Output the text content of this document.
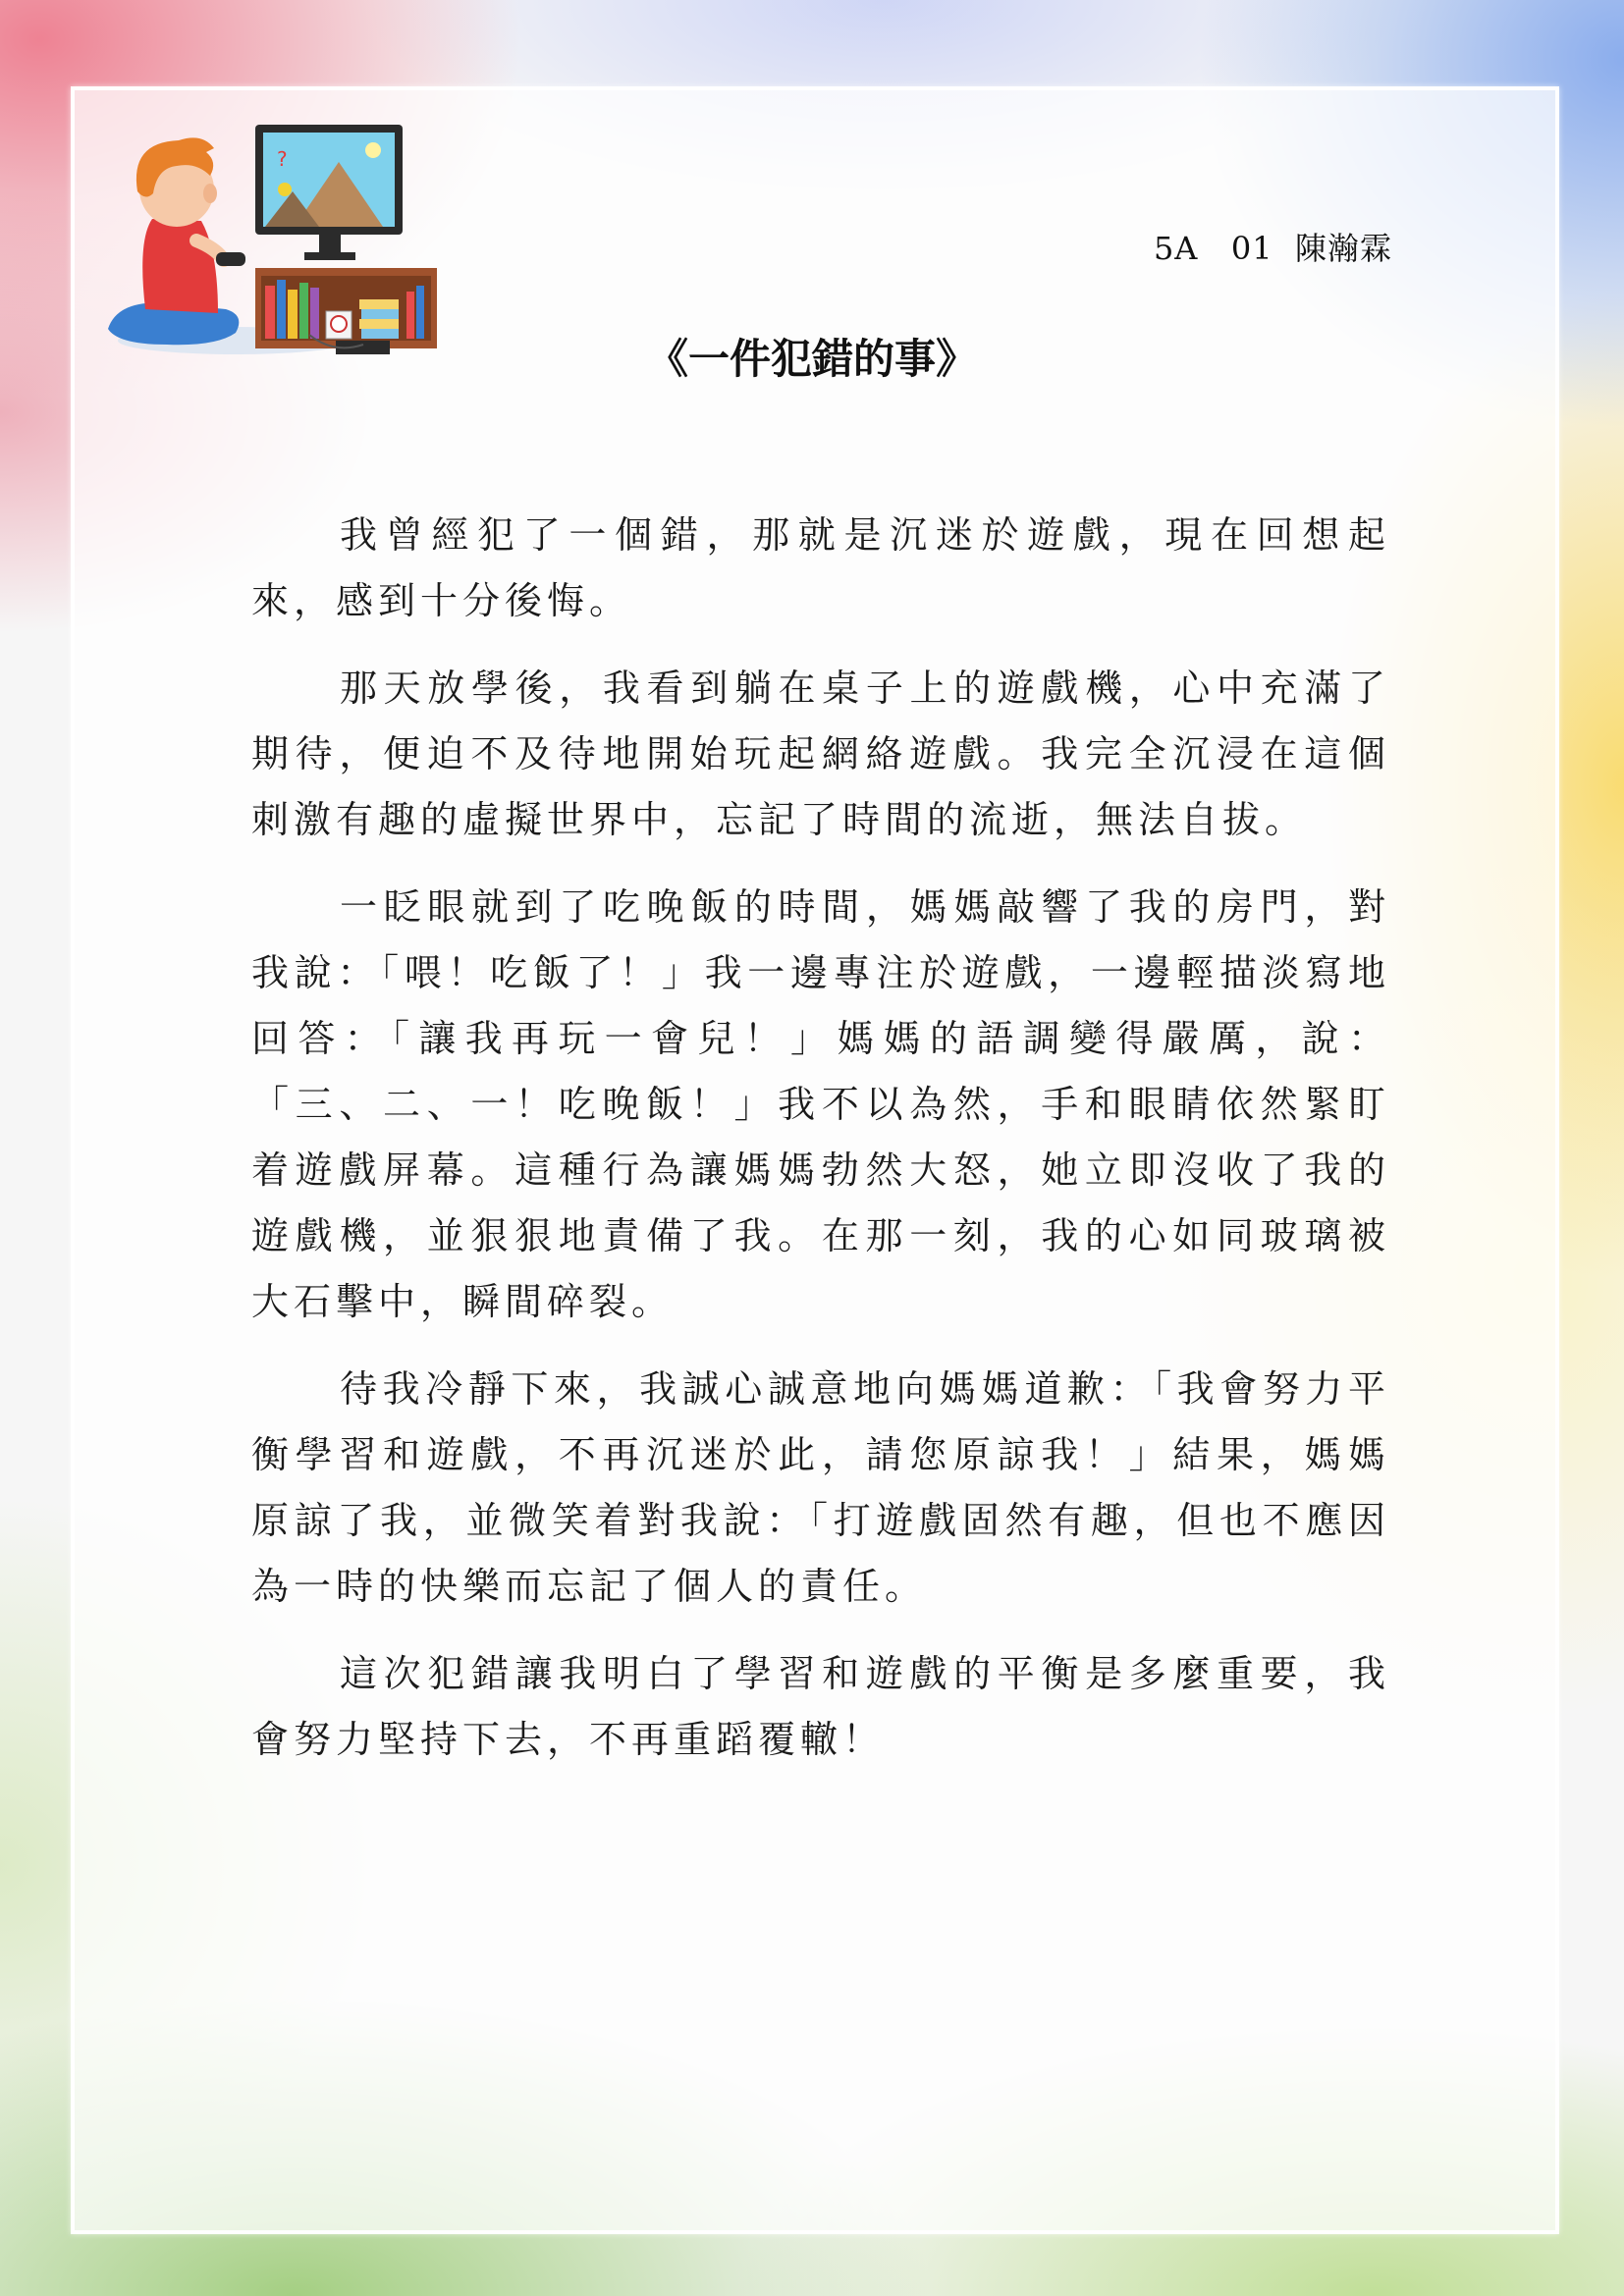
?
5A   01  陳瀚霖
《一件犯錯的事》

我曾經犯了一個錯，那就是沉迷於遊戲，現在回想起來，感到十分後悔。

那天放學後，我看到躺在桌子上的遊戲機，心中充滿了期待，便迫不及待地開始玩起網絡遊戲。我完全沉浸在這個刺激有趣的虛擬世界中，忘記了時間的流逝，無法自拔。

一眨眼就到了吃晚飯的時間，媽媽敲響了我的房門，對我說：「喂！吃飯了！」我一邊專注於遊戲，一邊輕描淡寫地回答：「讓我再玩一會兒！」媽媽的語調變得嚴厲，說：「三、二、一！吃晚飯！」我不以為然，手和眼睛依然緊盯着遊戲屏幕。這種行為讓媽媽勃然大怒，她立即沒收了我的遊戲機，並狠狠地責備了我。在那一刻，我的心如同玻璃被大石擊中，瞬間碎裂。

待我冷靜下來，我誠心誠意地向媽媽道歉：「我會努力平衡學習和遊戲，不再沉迷於此，請您原諒我！」結果，媽媽原諒了我，並微笑着對我說：「打遊戲固然有趣，但也不應因為一時的快樂而忘記了個人的責任。

這次犯錯讓我明白了學習和遊戲的平衡是多麼重要，我會努力堅持下去，不再重蹈覆轍！
